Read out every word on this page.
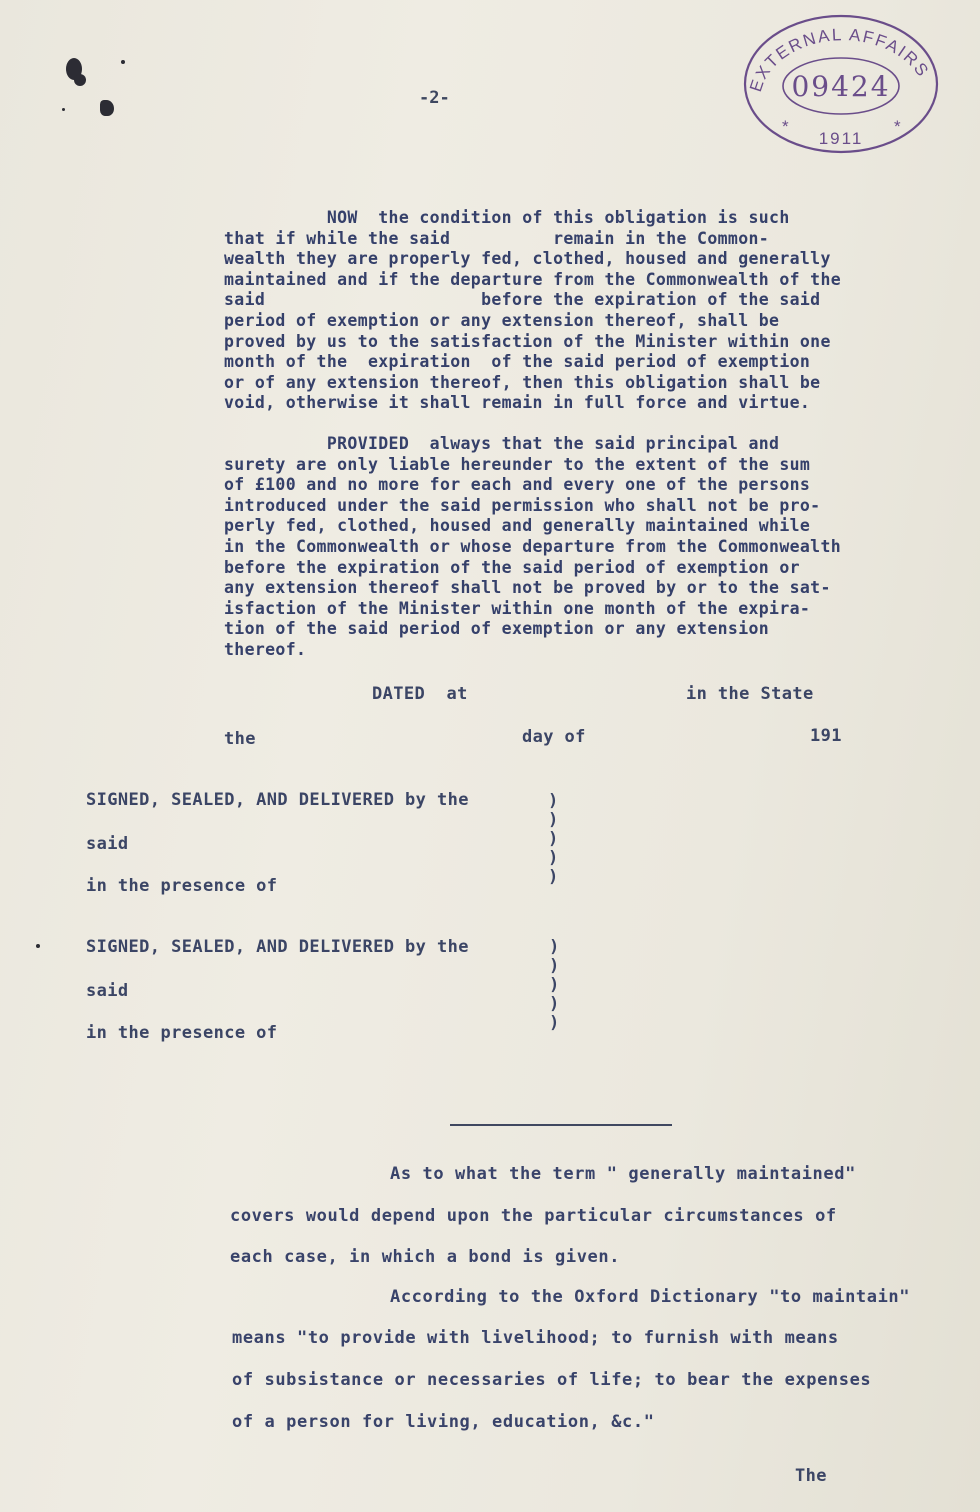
EXTERNAL AFFAIRS
09424
1911
*	*
-2-
NOW  the condition of this obligation is such
that if while the said          remain in the Common-
wealth they are properly fed, clothed, housed and generally
maintained and if the departure from the Commonwealth of the
said                     before the expiration of the said
period of exemption or any extension thereof, shall be
proved by us to the satisfaction of the Minister within one
month of the  expiration  of the said period of exemption
or of any extension thereof, then this obligation shall be
void, otherwise it shall remain in full force and virtue.
PROVIDED  always that the said principal and
surety are only liable hereunder to the extent of the sum
of £100 and no more for each and every one of the persons
introduced under the said permission who shall not be pro-
perly fed, clothed, housed and generally maintained while
in the Commonwealth or whose departure from the Commonwealth
before the expiration of the said period of exemption or
any extension thereof shall not be proved by or to the sat-
isfaction of the Minister within one month of the expira-
tion of the said period of exemption or any extension
thereof.
DATED  at	in the State
the	day of	191
SIGNED, SEALED, AND DELIVERED by the
said
in the presence of
)
)
)
)
)
SIGNED, SEALED, AND DELIVERED by the
said
in the presence of
)
)
)
)
)
As to what the term " generally maintained"
covers would depend upon the particular circumstances of
each case, in which a bond is given.
According to the Oxford Dictionary "to maintain"
means "to provide with livelihood; to furnish with means
of subsistance or necessaries of life; to bear the expenses
of a person for living, education, &c."
The
